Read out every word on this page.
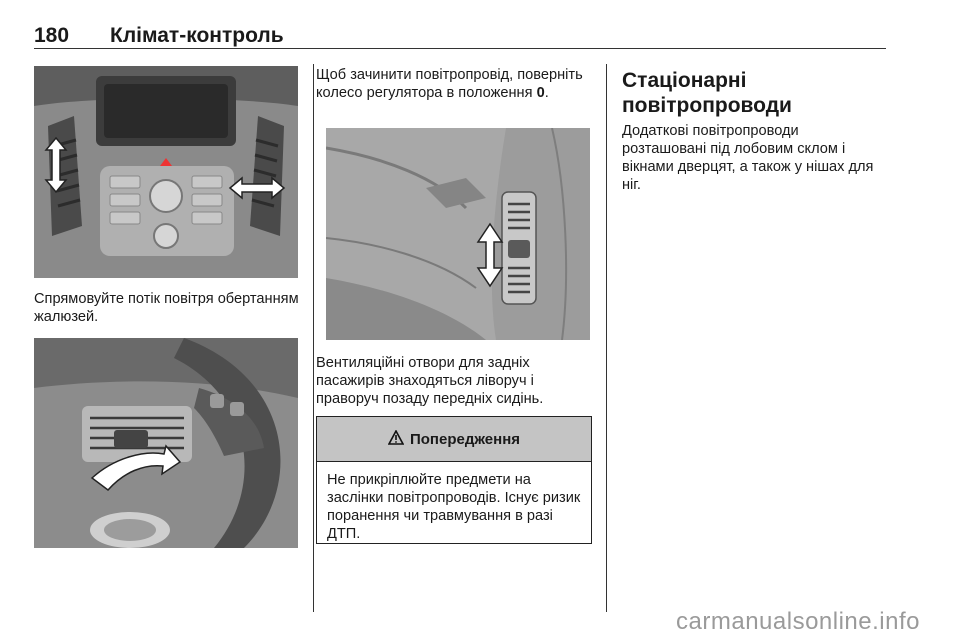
180 Клімат-контроль

Спрямовуйте потік повітря обертанням жалюзей.

Щоб зачинити повітропровід, поверніть колесо регулятора в положення 0.

Вентиляційні отвори для задніх пасажирів знаходяться ліворуч і праворуч позаду передніх сидінь.

Попередження
Не прикріплюйте предмети на заслінки повітропроводів. Існує ризик поранення чи травмування в разі ДТП.
Стаціонарні повітропроводи

Додаткові повітропроводи розташовані під лобовим склом і вікнами дверцят, а також у нішах для ніг.

carmanualsonline.info
